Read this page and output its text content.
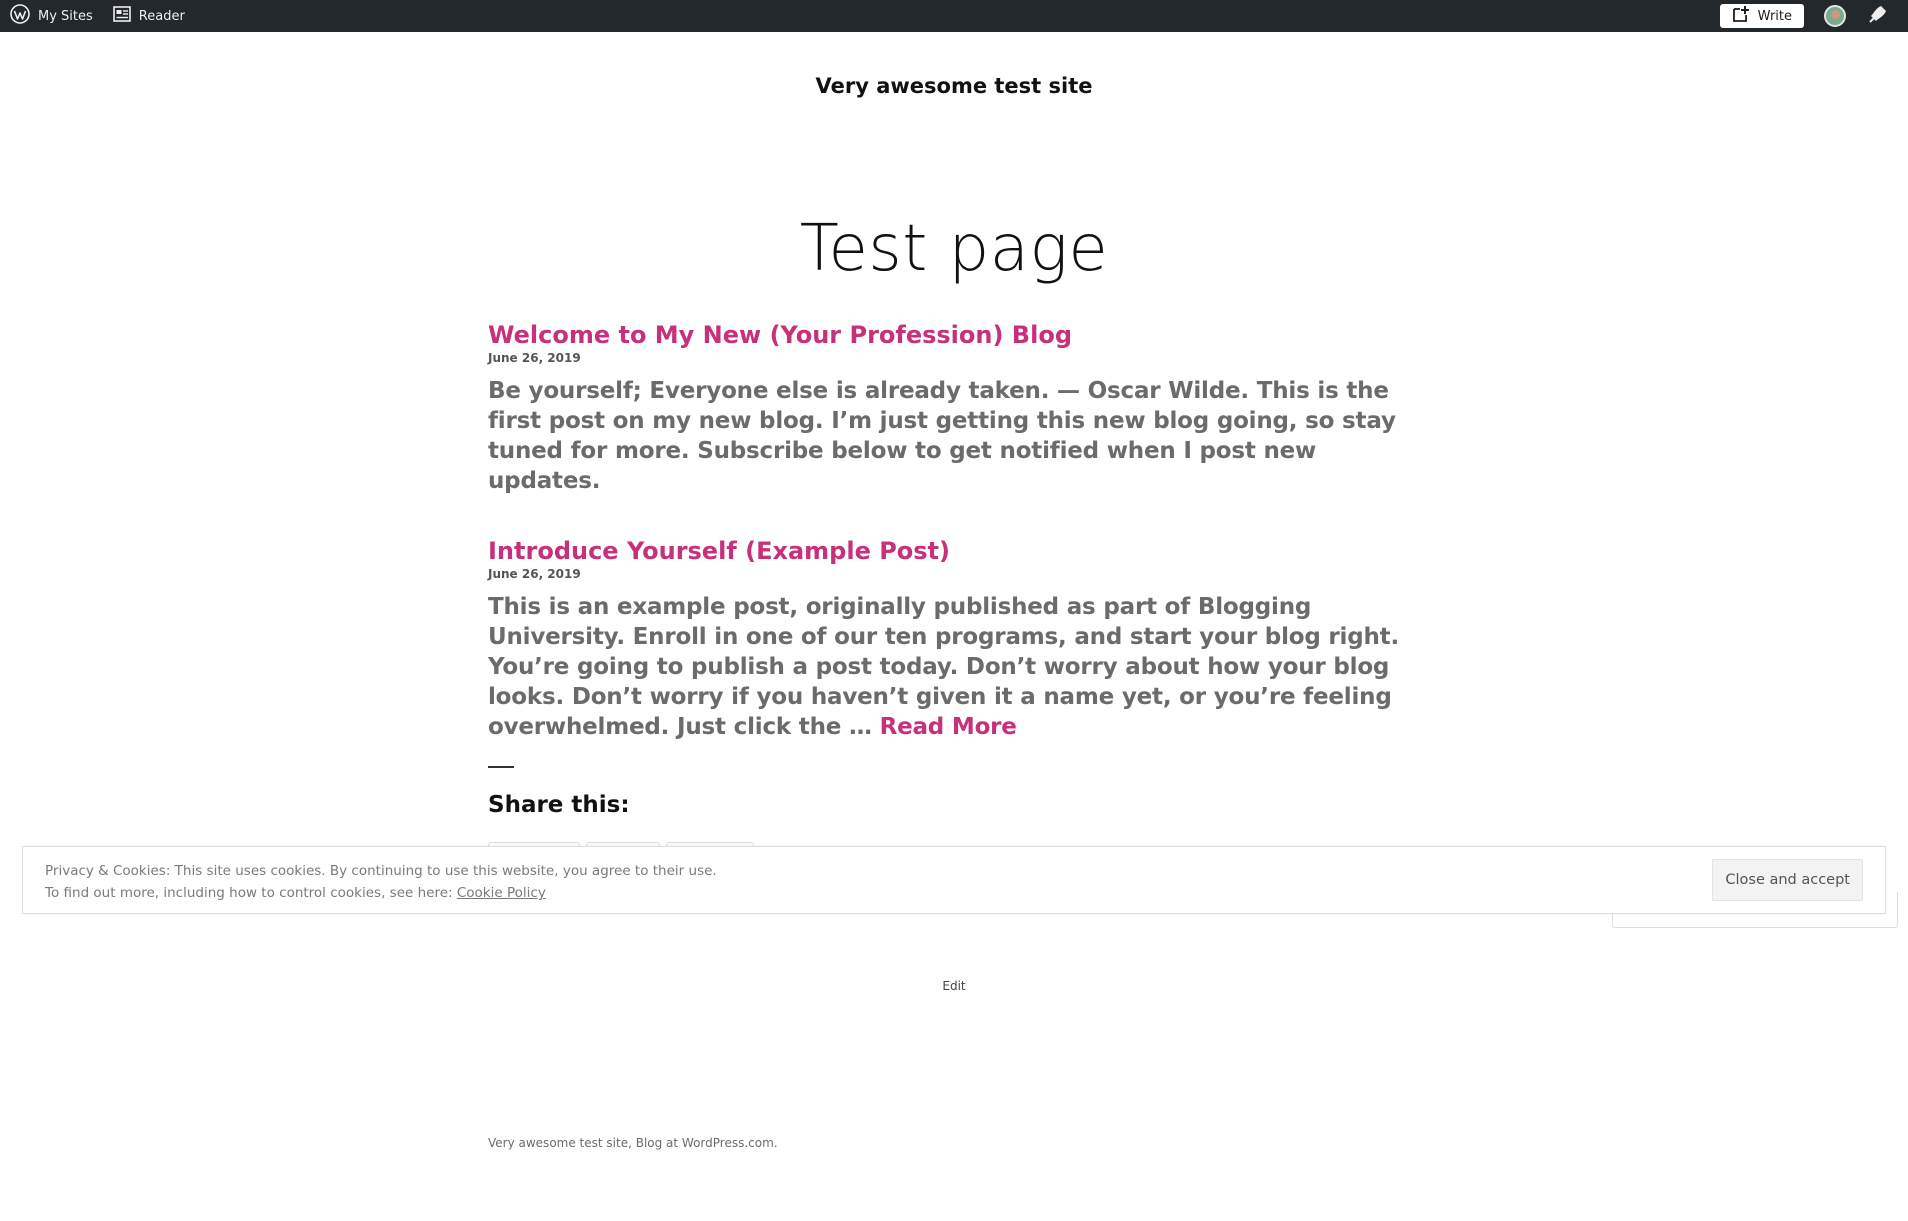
My Sites	Reader	Write
Very awesome test site
Test page
Welcome to My New (Your Profession) Blog
June 26, 2019
Be yourself; Everyone else is already taken. — Oscar Wilde. This is the first post on my new blog. I’m just getting this new blog going, so stay tuned for more. Subscribe below to get notified when I post new updates.
Introduce Yourself (Example Post)
June 26, 2019
This is an example post, originally published as part of Blogging University. Enroll in one of our ten programs, and start your blog right. You’re going to publish a post today. Don’t worry about how your blog looks. Don’t worry if you haven’t given it a name yet, or you’re feeling overwhelmed. Just click the … Read More
Share this:
Privacy & Cookies: This site uses cookies. By continuing to use this website, you agree to their use.
To find out more, including how to control cookies, see here: Cookie Policy
Close and accept
Edit
Very awesome test site, Blog at WordPress.com.
